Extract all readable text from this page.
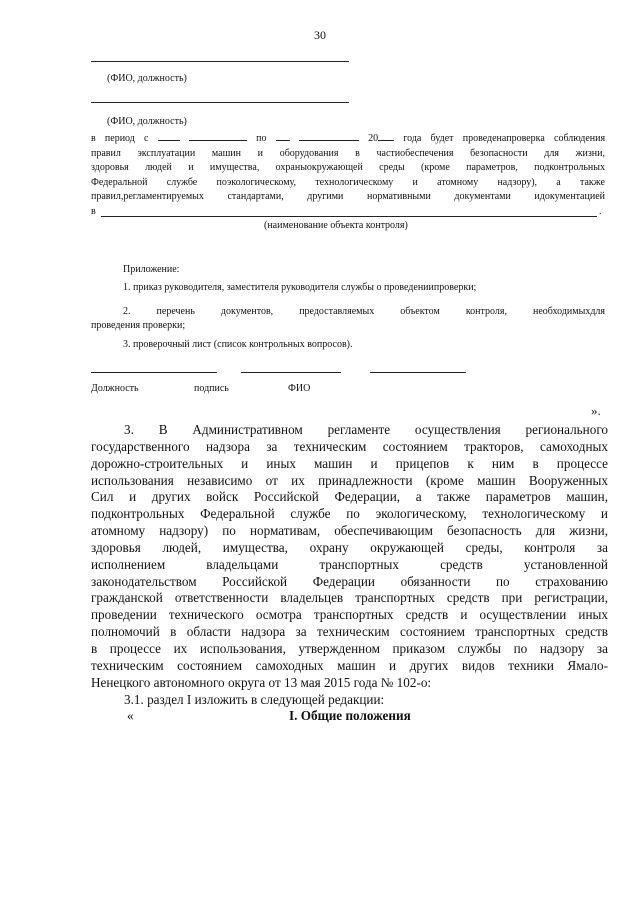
30
(ФИО, должность)
(ФИО, должность)
в период с	по	20	года будет проведенапроверка соблюдения
правил эксплуатации машин и оборудования в частиобеспечения безопасности для жизни,
здоровья людей и имущества, охраныокружающей среды (кроме параметров, подконтрольных
Федеральной службе поэкологическому, технологическому и атомному надзору), а также
правил,регламентируемых стандартами, другими нормативными документами идокументацией
в	.
(наименование объекта контроля)
Приложение:
1. приказ руководителя, заместителя руководителя службы о проведениипроверки;
2. перечень документов, предоставляемых объектом контроля, необходимыхдля
проведения проверки;
3. проверочный лист (список контрольных вопросов).
Должность	подпись	ФИО
».
3. В Административном регламенте осуществления регионального
государственного надзора за техническим состоянием тракторов, самоходных
дорожно-строительных и иных машин и прицепов к ним в процессе
использования независимо от их принадлежности (кроме машин Вооруженных
Сил и других войск Российской Федерации, а также параметров машин,
подконтрольных Федеральной службе по экологическому, технологическому и
атомному надзору) по нормативам, обеспечивающим безопасность для жизни,
здоровья людей, имущества, охрану окружающей среды, контроля за
исполнением владельцами транспортных средств установленной
законодательством Российской Федерации обязанности по страхованию
гражданской ответственности владельцев транспортных средств при регистрации,
проведении технического осмотра транспортных средств и осуществлении иных
полномочий в области надзора за техническим состоянием транспортных средств
в процессе их использования, утвержденном приказом службы по надзору за
техническим состоянием самоходных машин и других видов техники Ямало-
Ненецкого автономного округа от 13 мая 2015 года № 102-о:
3.1. раздел I изложить в следующей редакции:
«	I. Общие положения
